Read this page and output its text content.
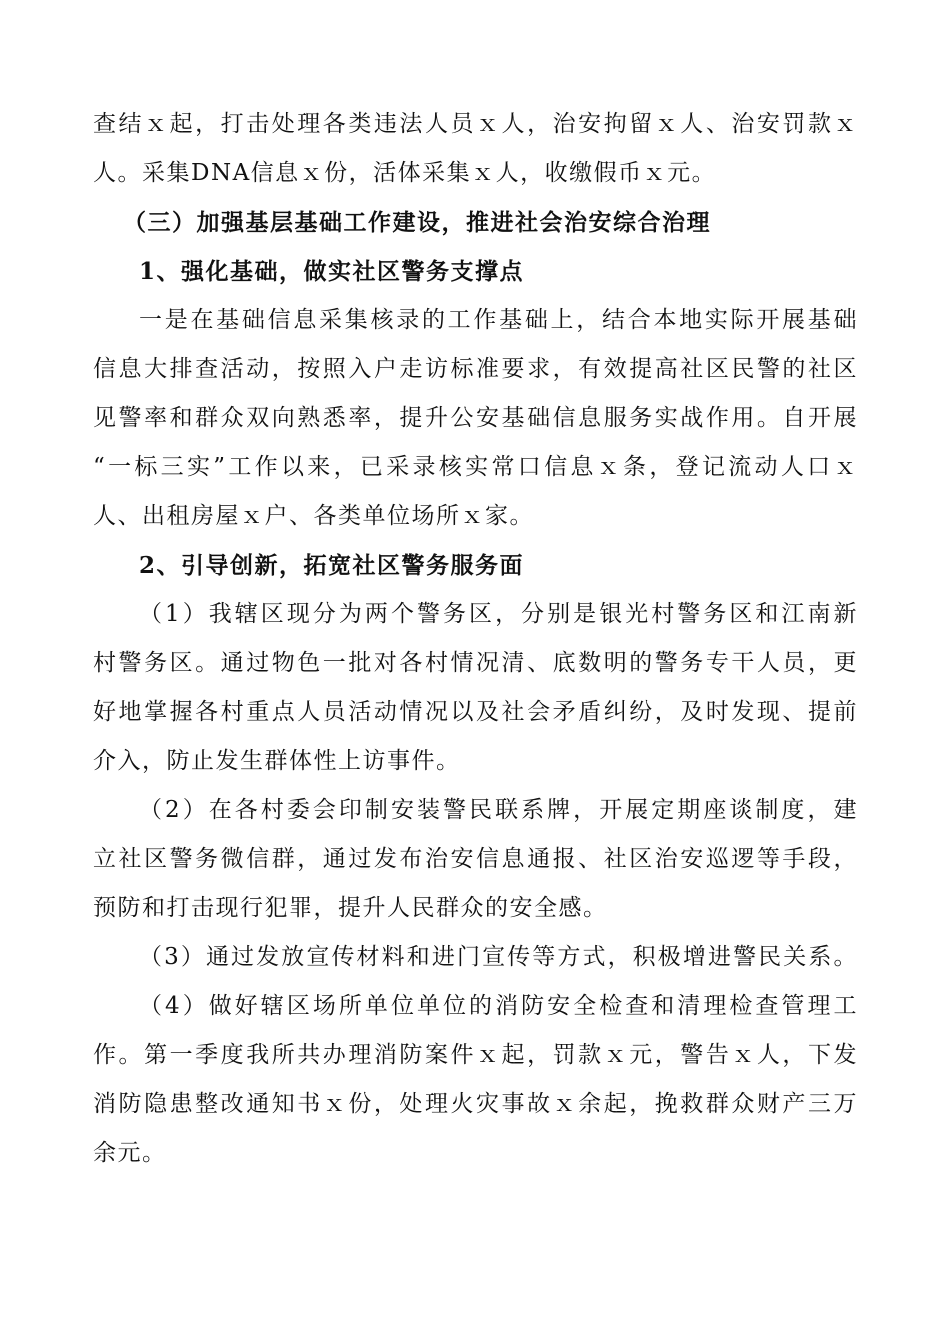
查结ｘ起，打击处理各类违法人员ｘ人，治安拘留ｘ人、治安罚款ｘ
人。采集DNA信息ｘ份，活体采集ｘ人，收缴假币ｘ元。
（三）加强基层基础工作建设，推进社会治安综合治理
1、强化基础，做实社区警务支撑点
一是在基础信息采集核录的工作基础上，结合本地实际开展基础
信息大排查活动，按照入户走访标准要求，有效提高社区民警的社区
见警率和群众双向熟悉率，提升公安基础信息服务实战作用。自开展
“一标三实”工作以来，已采录核实常口信息ｘ条，登记流动人口ｘ
人、出租房屋ｘ户、各类单位场所ｘ家。
2、引导创新，拓宽社区警务服务面
（1）我辖区现分为两个警务区，分别是银光村警务区和江南新
村警务区。通过物色一批对各村情况清、底数明的警务专干人员，更
好地掌握各村重点人员活动情况以及社会矛盾纠纷，及时发现、提前
介入，防止发生群体性上访事件。
（2）在各村委会印制安装警民联系牌，开展定期座谈制度，建
立社区警务微信群，通过发布治安信息通报、社区治安巡逻等手段，
预防和打击现行犯罪，提升人民群众的安全感。
（3）通过发放宣传材料和进门宣传等方式，积极增进警民关系。
（4）做好辖区场所单位单位的消防安全检查和清理检查管理工
作。第一季度我所共办理消防案件ｘ起，罚款ｘ元，警告ｘ人，下发
消防隐患整改通知书ｘ份，处理火灾事故ｘ余起，挽救群众财产三万
余元。
